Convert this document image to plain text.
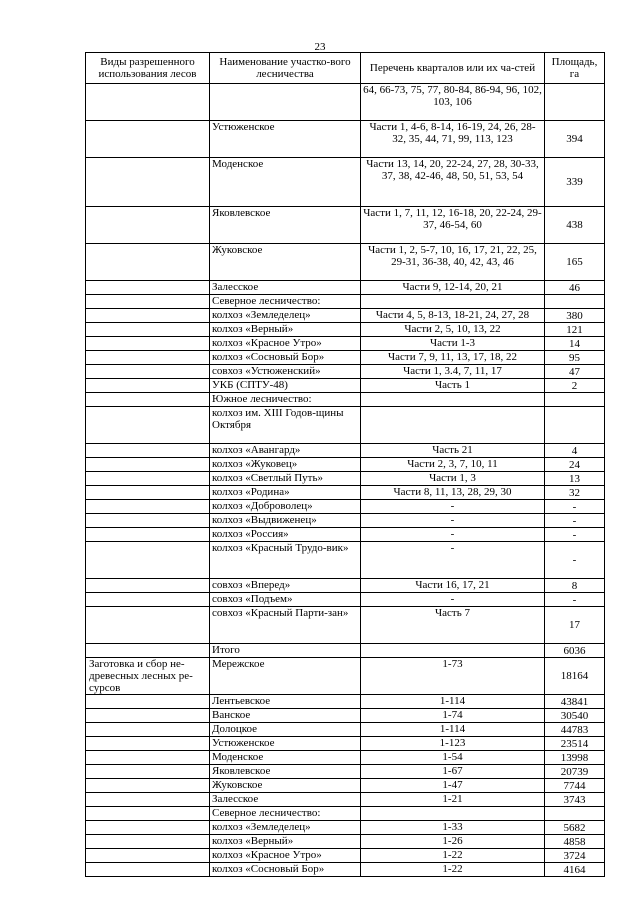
23
Виды разрешенного использования лесов	Наименование участко-вого лесничества	Перечень кварталов или их ча-стей	Площадь, га
		64, 66-73, 75, 77, 80-84, 86-94, 96, 102, 103, 106	
	Устюженское	Части 1, 4-6, 8-14, 16-19, 24, 26, 28-32, 35, 44, 71, 99, 113, 123	394
	Моденское	Части 13, 14, 20, 22-24, 27, 28, 30-33, 37, 38, 42-46, 48, 50, 51, 53, 54	339
	Яковлевское	Части 1, 7, 11, 12, 16-18, 20, 22-24, 29-37, 46-54, 60	438
	Жуковское	Части 1, 2, 5-7, 10, 16, 17, 21, 22, 25, 29-31, 36-38, 40, 42, 43, 46	165
	Залесское	Части 9, 12-14, 20, 21	46
	Северное лесничество:		
	колхоз «Земледелец»	Части 4, 5, 8-13, 18-21, 24, 27, 28	380
	колхоз «Верный»	Части 2, 5, 10, 13, 22	121
	колхоз «Красное Утро»	Части 1-3	14
	колхоз «Сосновый Бор»	Части 7, 9, 11, 13, 17, 18, 22	95
	совхоз «Устюженский»	Части 1, 3.4, 7, 11, 17	47
	УКБ (СПТУ-48)	Часть 1	2
	Южное лесничество:		
	колхоз им. XIII Годов-щины Октября		
	колхоз «Авангард»	Часть 21	4
	колхоз «Жуковец»	Части 2, 3, 7, 10, 11	24
	колхоз «Светлый Путь»	Части 1, 3	13
	колхоз «Родина»	Части 8, 11, 13, 28, 29, 30	32
	колхоз «Доброволец»	-	-
	колхоз «Выдвиженец»	-	-
	колхоз «Россия»	-	-
	колхоз «Красный Трудо-вик»	-	-
	совхоз «Вперед»	Части 16, 17, 21	8
	совхоз «Подъем»	-	-
	совхоз «Красный Парти-зан»	Часть 7	17
	Итого		6036
Заготовка и сбор не-древесных лесных ре-сурсов	Мережское	1-73	18164
	Лентьевское	1-114	43841
	Ванское	1-74	30540
	Долоцкое	1-114	44783
	Устюженское	1-123	23514
	Моденское	1-54	13998
	Яковлевское	1-67	20739
	Жуковское	1-47	7744
	Залесское	1-21	3743
	Северное лесничество:		
	колхоз «Земледелец»	1-33	5682
	колхоз «Верный»	1-26	4858
	колхоз «Красное Утро»	1-22	3724
	колхоз «Сосновый Бор»	1-22	4164
